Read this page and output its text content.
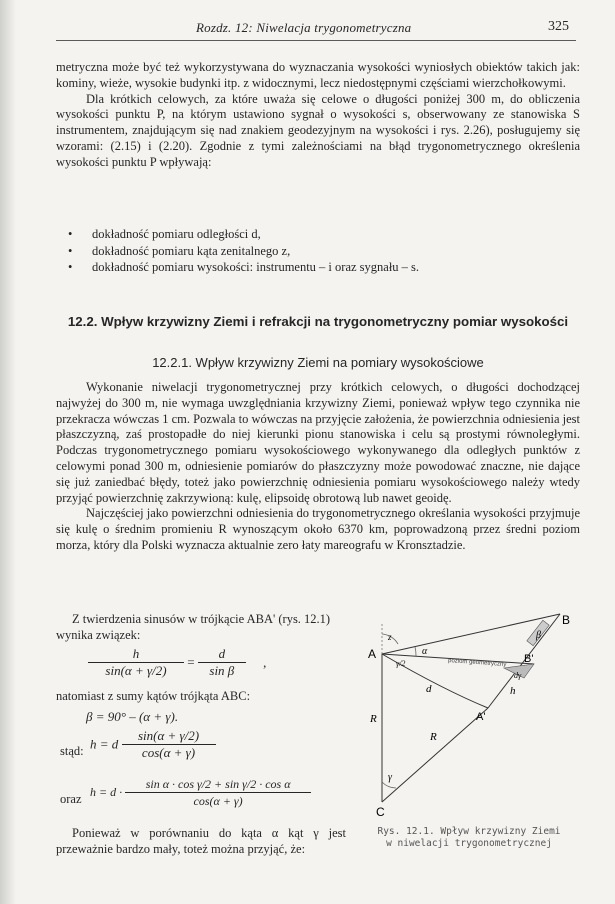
Rozdz. 12: Niwelacja trygonometryczna	325

metryczna może być też wykorzystywana do wyznaczania wysokości wyniosłych obiektów takich jak: kominy, wieże, wysokie budynki itp. z widocznymi, lecz niedostępnymi częściami wierzchołkowymi.

Dla krótkich celowych, za które uważa się celowe o długości poniżej 300 m, do obliczenia wysokości punktu P, na którym ustawiono sygnał o wysokości s, obserwowany ze stanowiska S instrumentem, znajdującym się nad znakiem geodezyjnym na wysokości i rys. 2.26), posługujemy się wzorami: (2.15) i (2.20). Zgodnie z tymi zależnościami na błąd trygonometrycznego określenia wysokości punktu P wpływają:

• dokładność pomiaru odległości d,
• dokładność pomiaru kąta zenitalnego z,
• dokładność pomiaru wysokości: instrumentu – i oraz sygnału – s.
12.2. Wpływ krzywizny Ziemi i refrakcji na trygonometryczny pomiar wysokości
12.2.1. Wpływ krzywizny Ziemi na pomiary wysokościowe

Wykonanie niwelacji trygonometrycznej przy krótkich celowych, o długości dochodzącej najwyżej do 300 m, nie wymaga uwzględniania krzywizny Ziemi, ponieważ wpływ tego czynnika nie przekracza wówczas 1 cm. Pozwala to wówczas na przyjęcie założenia, że powierzchnia odniesienia jest płaszczyzną, zaś prostopadłe do niej kierunki pionu stanowiska i celu są prostymi równoległymi. Podczas trygonometrycznego pomiaru wysokościowego wykonywanego dla odległych punktów z celowymi ponad 300 m, odniesienie pomiarów do płaszczyzny może powodować znaczne, nie dające się już zaniedbać błędy, toteż jako powierzchnię odniesienia pomiaru wysokościowego należy wtedy przyjąć powierzchnię zakrzywioną: kulę, elipsoidę obrotową lub nawet geoidę.

Najczęściej jako powierzchni odniesienia do trygonometrycznego określania wysokości przyjmuje się kulę o średnim promieniu R wynoszącym około 6370 km, poprowadzoną przez średni poziom morza, który dla Polski wyznacza aktualnie zero łaty mareografu w Kronsztadzie.

Z twierdzenia sinusów w trójkącie ABA' (rys. 12.1) wynika związek:
$\frac{h}{\sin(\alpha + \gamma/2)} = \frac{d}{\text{sin β}}$ ,
natomiast z sumy kątów trójkąta ABC:
β = 90° – (α + γ).
stąd: h = d $\frac{\sin(\alpha + \gamma/2)}{\cos(\alpha + \gamma)}$
oraz $h = d \cdot \frac{\text{sin α · cos γ/2 + sin γ/2 · cos α}}{\cos(\alpha + \gamma)}$
Ponieważ w porównaniu do kąta α kąt γ jest przeważnie bardzo mały, toteż można przyjąć, że:
A
B
B'
A'
C
R
R
d	h
α
β
γ
z
γ/2
dγ
poziom geometryczny
Rys. 12.1. Wpływ krzywizny Ziemi
w niwelacji trygonometrycznej
